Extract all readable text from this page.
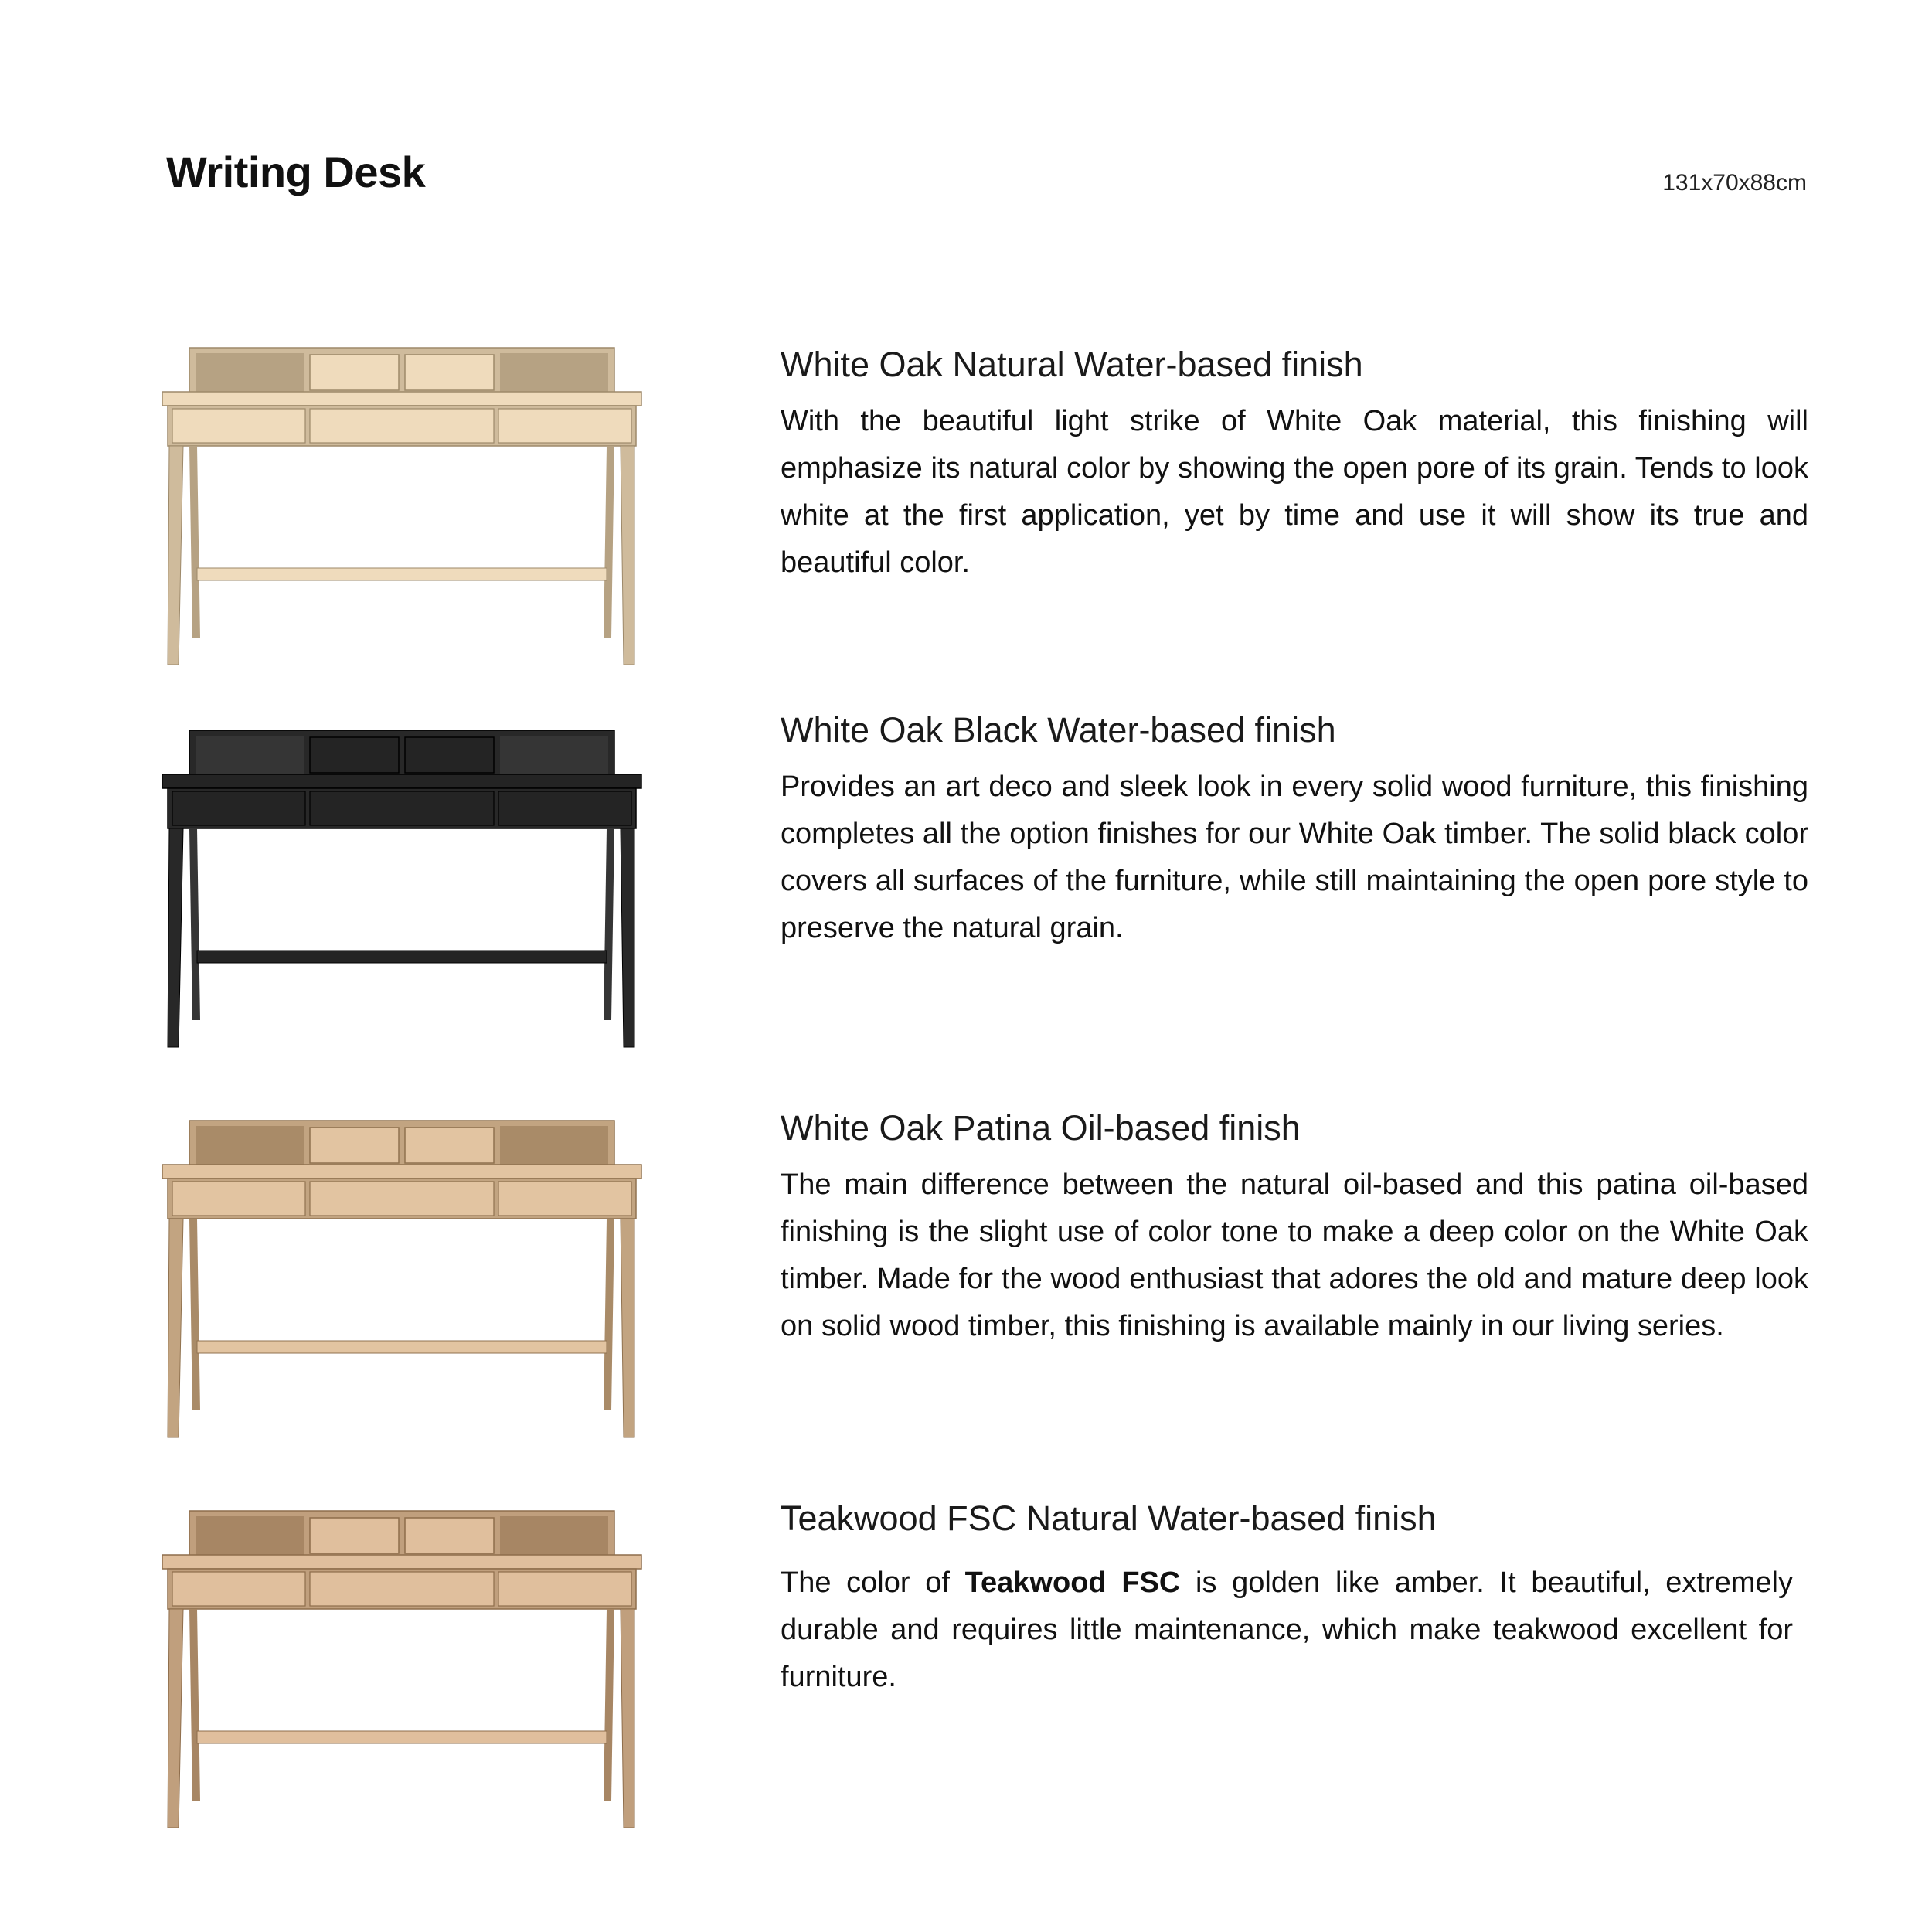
Writing Desk	131x70x88cm
White Oak Natural Water-based finish

With the beautiful light strike of White Oak material, this finishing will emphasize its natural color by showing the open pore of its grain. Tends to look white at the first application, yet by time and use it will show its true and beautiful color.

White Oak Black Water-based finish

Provides an art deco and sleek look in every solid wood furniture, this finishing completes all the option finishes for our White Oak timber. The solid black color covers all surfaces of the furniture, while still maintaining the open pore style to preserve the natural grain.

White Oak Patina Oil-based finish

The main difference between the natural oil-based and this patina oil-based finishing is the slight use of color tone to make a deep color on the White Oak timber. Made for the wood enthusiast that adores the old and mature deep look on solid wood timber, this finishing is available mainly in our living series.

Teakwood FSC Natural Water-based finish

The color of Teakwood FSC is golden like amber. It beautiful, extremely durable and requires little maintenance, which make teakwood excellent for furniture.
